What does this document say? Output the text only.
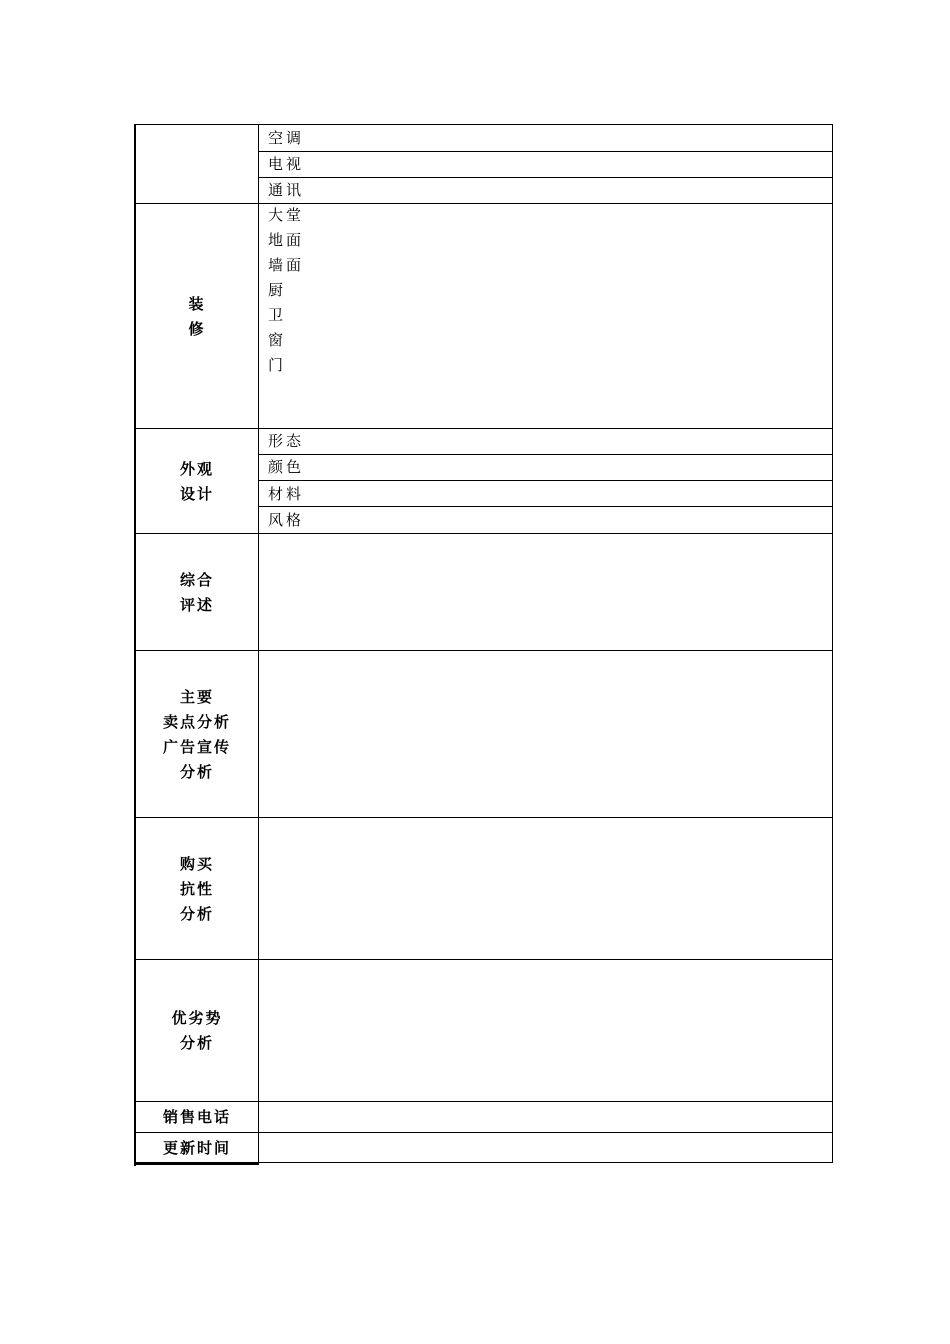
空调
电视
通讯
装
修
大堂
地面
墙面
厨
卫
窗
门
外观
设计
形态
颜色
材料
风格
综合
评述
主要
卖点分析
广告宣传
分析
购买
抗性
分析
优劣势
分析
销售电话
更新时间
